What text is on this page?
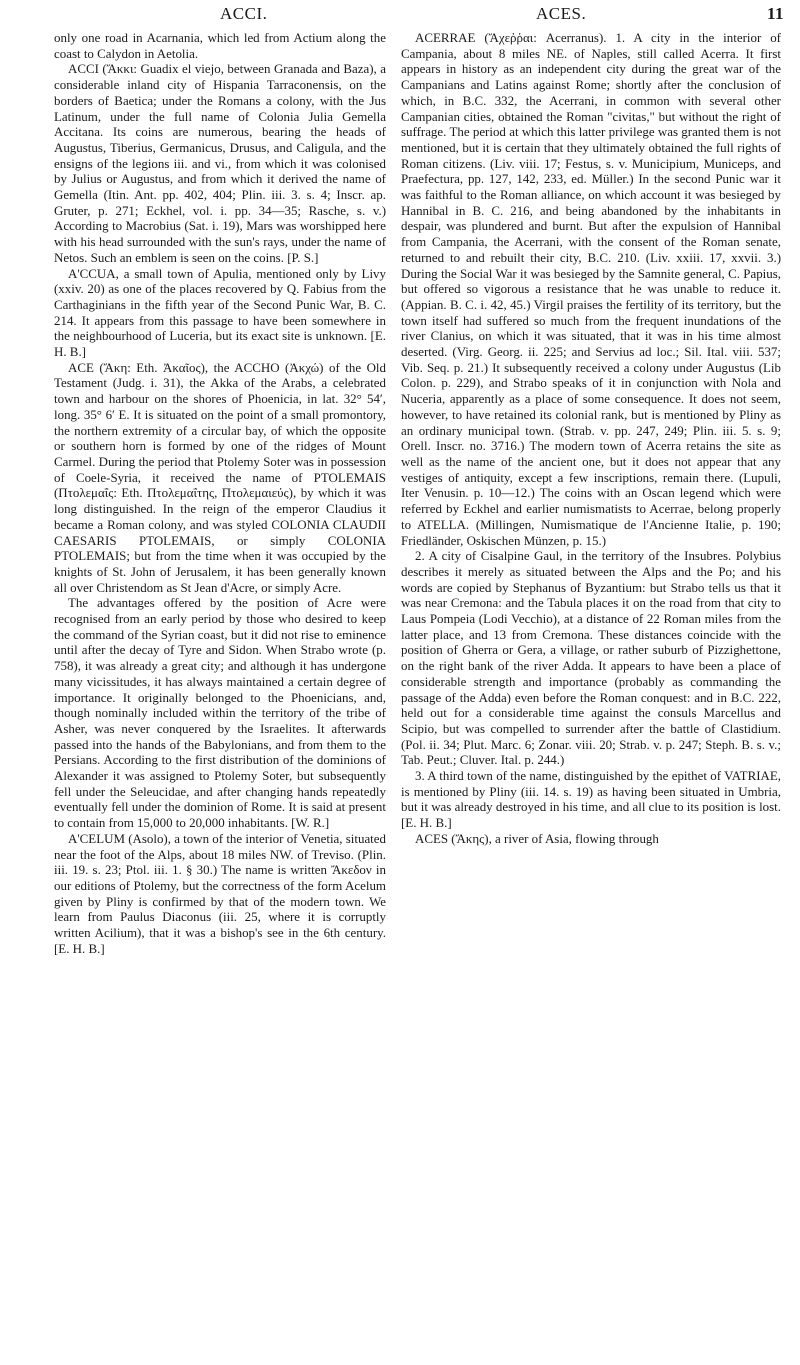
ACCI.	ACES.	11

only one road in Acarnania, which led from Actium along the coast to Calydon in Aetolia.

ACCI (Ἄκκι: Guadix el viejo, between Granada and Baza), a considerable inland city of Hispania Tarraconensis, on the borders of Baetica; under the Romans a colony, with the Jus Latinum, under the full name of Colonia Julia Gemella Accitana. Its coins are numerous, bearing the heads of Augustus, Tiberius, Germanicus, Drusus, and Caligula, and the ensigns of the legions iii. and vi., from which it was colonised by Julius or Augustus, and from which it derived the name of Gemella (Itin. Ant. pp. 402, 404; Plin. iii. 3. s. 4; Inscr. ap. Gruter, p. 271; Eckhel, vol. i. pp. 34—35; Rasche, s. v.) According to Macrobius (Sat. i. 19), Mars was worshipped here with his head surrounded with the sun's rays, under the name of Netos. Such an emblem is seen on the coins. [P. S.]

A'CCUA, a small town of Apulia, mentioned only by Livy (xxiv. 20) as one of the places recovered by Q. Fabius from the Carthaginians in the fifth year of the Second Punic War, B. C. 214. It appears from this passage to have been somewhere in the neighbourhood of Luceria, but its exact site is unknown. [E. H. B.]

ACE (Ἄκη: Eth. Ἀκαῖος), the ACCHO (Ἀκχώ) of the Old Testament (Judg. i. 31), the Akka of the Arabs, a celebrated town and harbour on the shores of Phoenicia, in lat. 32° 54′, long. 35° 6′ E. It is situated on the point of a small promontory, the northern extremity of a circular bay, of which the opposite or southern horn is formed by one of the ridges of Mount Carmel. During the period that Ptolemy Soter was in possession of Coele-Syria, it received the name of PTOLEMAIS (Πτολεμαΐς: Eth. Πτολεμαΐτης, Πτολεμαιεύς), by which it was long distinguished. In the reign of the emperor Claudius it became a Roman colony, and was styled COLONIA CLAUDII CAESARIS PTOLEMAIS, or simply COLONIA PTOLEMAIS; but from the time when it was occupied by the knights of St. John of Jerusalem, it has been generally known all over Christendom as St Jean d'Acre, or simply Acre.

The advantages offered by the position of Acre were recognised from an early period by those who desired to keep the command of the Syrian coast, but it did not rise to eminence until after the decay of Tyre and Sidon. When Strabo wrote (p. 758), it was already a great city; and although it has undergone many vicissitudes, it has always maintained a certain degree of importance. It originally belonged to the Phoenicians, and, though nominally included within the territory of the tribe of Asher, was never conquered by the Israelites. It afterwards passed into the hands of the Babylonians, and from them to the Persians. According to the first distribution of the dominions of Alexander it was assigned to Ptolemy Soter, but subsequently fell under the Seleucidae, and after changing hands repeatedly eventually fell under the dominion of Rome. It is said at present to contain from 15,000 to 20,000 inhabitants. [W. R.]

A'CELUM (Asolo), a town of the interior of Venetia, situated near the foot of the Alps, about 18 miles NW. of Treviso. (Plin. iii. 19. s. 23; Ptol. iii. 1. § 30.) The name is written Ἄκεδον in our editions of Ptolemy, but the correctness of the form Acelum given by Pliny is confirmed by that of the modern town. We learn from Paulus Diaconus (iii. 25, where it is corruptly written Acilium), that it was a bishop's see in the 6th century. [E. H. B.]

ACERRAE (Ἄχεῤῥαι: Acerranus). 1. A city in the interior of Campania, about 8 miles NE. of Naples, still called Acerra. It first appears in history as an independent city during the great war of the Campanians and Latins against Rome; shortly after the conclusion of which, in B.C. 332, the Acerrani, in common with several other Campanian cities, obtained the Roman "civitas," but without the right of suffrage. The period at which this latter privilege was granted them is not mentioned, but it is certain that they ultimately obtained the full rights of Roman citizens. (Liv. viii. 17; Festus, s. v. Municipium, Municeps, and Praefectura, pp. 127, 142, 233, ed. Müller.) In the second Punic war it was faithful to the Roman alliance, on which account it was besieged by Hannibal in B. C. 216, and being abandoned by the inhabitants in despair, was plundered and burnt. But after the expulsion of Hannibal from Campania, the Acerrani, with the consent of the Roman senate, returned to and rebuilt their city, B.C. 210. (Liv. xxiii. 17, xxvii. 3.) During the Social War it was besieged by the Samnite general, C. Papius, but offered so vigorous a resistance that he was unable to reduce it. (Appian. B. C. i. 42, 45.) Virgil praises the fertility of its territory, but the town itself had suffered so much from the frequent inundations of the river Clanius, on which it was situated, that it was in his time almost deserted. (Virg. Georg. ii. 225; and Servius ad loc.; Sil. Ital. viii. 537; Vib. Seq. p. 21.) It subsequently received a colony under Augustus (Lib Colon. p. 229), and Strabo speaks of it in conjunction with Nola and Nuceria, apparently as a place of some consequence. It does not seem, however, to have retained its colonial rank, but is mentioned by Pliny as an ordinary municipal town. (Strab. v. pp. 247, 249; Plin. iii. 5. s. 9; Orell. Inscr. no. 3716.) The modern town of Acerra retains the site as well as the name of the ancient one, but it does not appear that any vestiges of antiquity, except a few inscriptions, remain there. (Lupuli, Iter Venusin. p. 10—12.) The coins with an Oscan legend which were referred by Eckhel and earlier numismatists to Acerrae, belong properly to ATELLA. (Millingen, Numismatique de l'Ancienne Italie, p. 190; Friedländer, Oskischen Münzen, p. 15.)

2. A city of Cisalpine Gaul, in the territory of the Insubres. Polybius describes it merely as situated between the Alps and the Po; and his words are copied by Stephanus of Byzantium: but Strabo tells us that it was near Cremona: and the Tabula places it on the road from that city to Laus Pompeia (Lodi Vecchio), at a distance of 22 Roman miles from the latter place, and 13 from Cremona. These distances coincide with the position of Gherra or Gera, a village, or rather suburb of Pizzighettone, on the right bank of the river Adda. It appears to have been a place of considerable strength and importance (probably as commanding the passage of the Adda) even before the Roman conquest: and in B.C. 222, held out for a considerable time against the consuls Marcellus and Scipio, but was compelled to surrender after the battle of Clastidium. (Pol. ii. 34; Plut. Marc. 6; Zonar. viii. 20; Strab. v. p. 247; Steph. B. s. v.; Tab. Peut.; Cluver. Ital. p. 244.)

3. A third town of the name, distinguished by the epithet of VATRIAE, is mentioned by Pliny (iii. 14. s. 19) as having been situated in Umbria, but it was already destroyed in his time, and all clue to its position is lost. [E. H. B.]

ACES (Ἄκης), a river of Asia, flowing through
